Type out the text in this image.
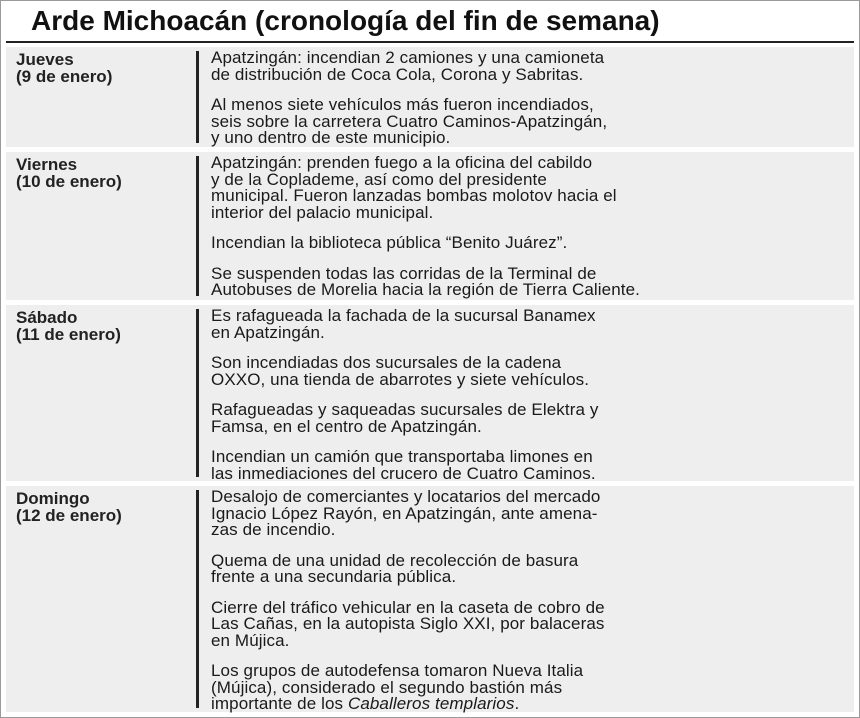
Arde Michoacán (cronología del fin de semana)
Jueves
(9 de enero)
Apatzingán: incendian 2 camiones y una camioneta
de distribución de Coca Cola, Corona y Sabritas.
Al menos siete vehículos más fueron incendiados,
seis sobre la carretera Cuatro Caminos-Apatzingán,
y uno dentro de este municipio.
Viernes
(10 de enero)
Apatzingán: prenden fuego a la oficina del cabildo
y de la Coplademe, así como del presidente
municipal. Fueron lanzadas bombas molotov hacia el
interior del palacio municipal.
Incendian la biblioteca pública “Benito Juárez”.
Se suspenden todas las corridas de la Terminal de
Autobuses de Morelia hacia la región de Tierra Caliente.
Sábado
(11 de enero)
Es rafagueada la fachada de la sucursal Banamex
en Apatzingán.
Son incendiadas dos sucursales de la cadena
OXXO, una tienda de abarrotes y siete vehículos.
Rafagueadas y saqueadas sucursales de Elektra y
Famsa, en el centro de Apatzingán.
Incendian un camión que transportaba limones en
las inmediaciones del crucero de Cuatro Caminos.
Domingo
(12 de enero)
Desalojo de comerciantes y locatarios del mercado
Ignacio López Rayón, en Apatzingán, ante amena-
zas de incendio.
Quema de una unidad de recolección de basura
frente a una secundaria pública.
Cierre del tráfico vehicular en la caseta de cobro de
Las Cañas, en la autopista Siglo XXI, por balaceras
en Mújica.
Los grupos de autodefensa tomaron Nueva Italia
(Mújica), considerado el segundo bastión más
importante de los Caballeros templarios.
